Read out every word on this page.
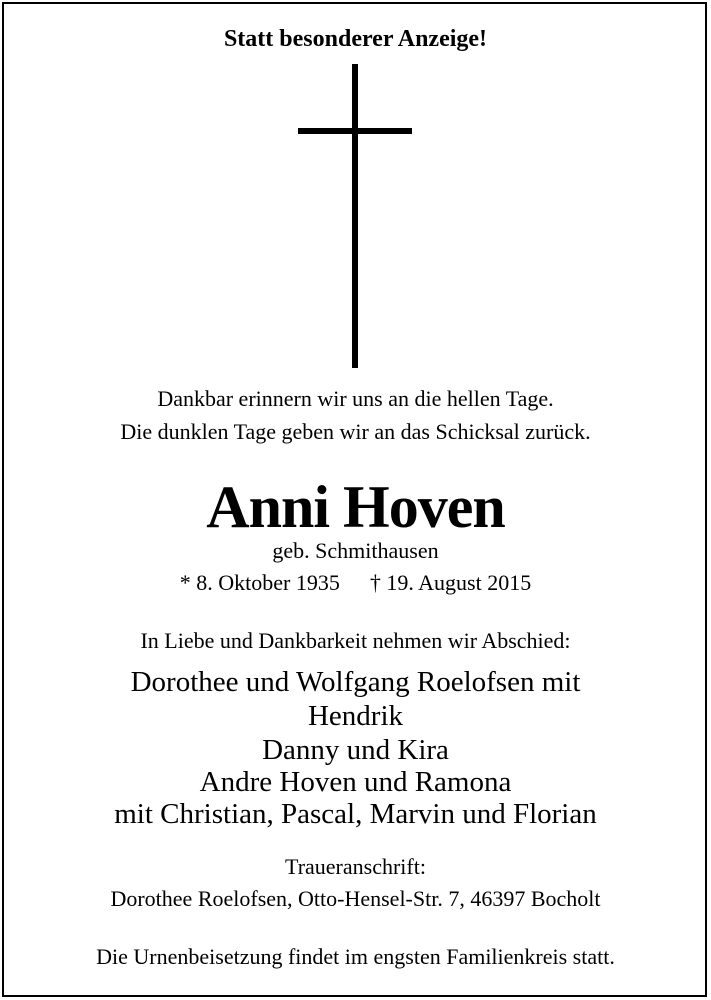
Statt besonderer Anzeige!
Dankbar erinnern wir uns an die hellen Tage.
Die dunklen Tage geben wir an das Schicksal zurück.
Anni Hoven
geb. Schmithausen
* 8. Oktober 1935 † 19. August 2015
In Liebe und Dankbarkeit nehmen wir Abschied:
Dorothee und Wolfgang Roelofsen mit
Hendrik
Danny und Kira
Andre Hoven und Ramona
mit Christian, Pascal, Marvin und Florian
Traueranschrift:
Dorothee Roelofsen, Otto-Hensel-Str. 7, 46397 Bocholt
Die Urnenbeisetzung findet im engsten Familienkreis statt.
